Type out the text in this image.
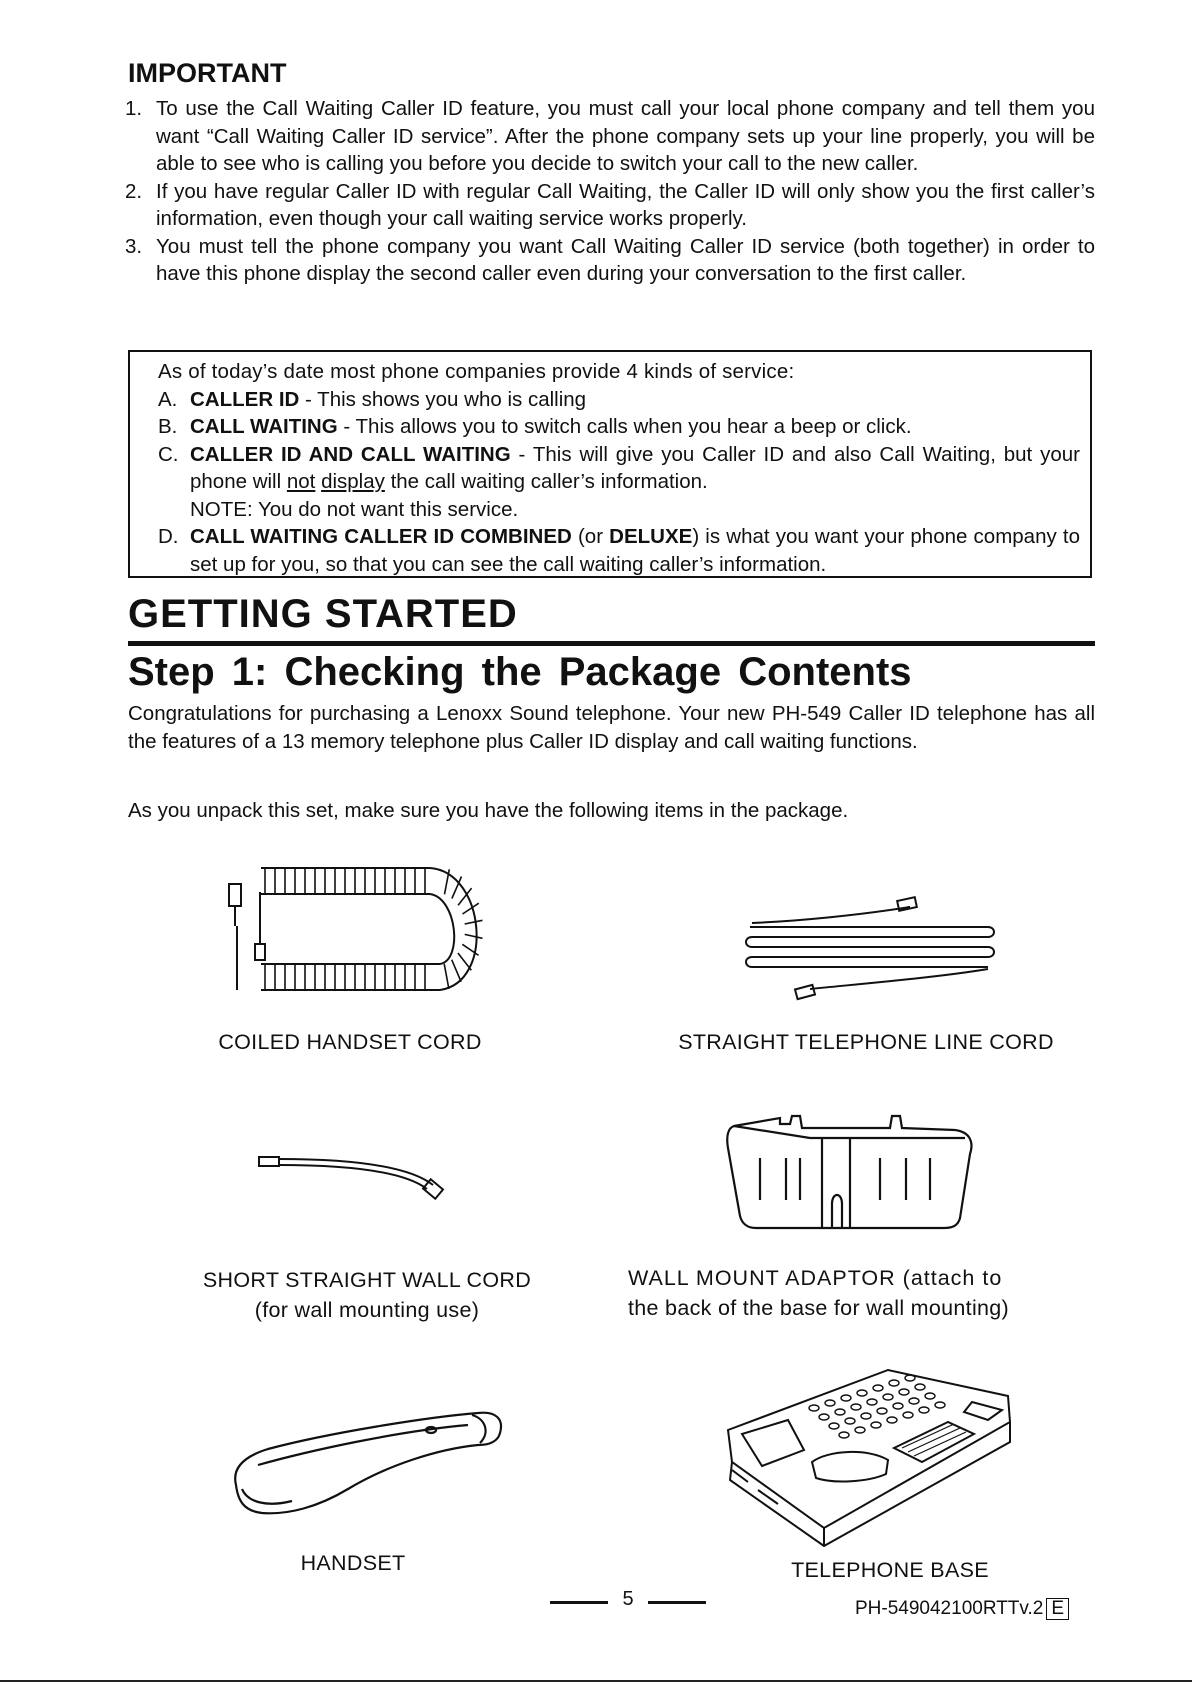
IMPORTANT
1. To use the Call Waiting Caller ID feature, you must call your local phone company and tell them you want “Call Waiting Caller ID service”. After the phone company sets up your line properly, you will be able to see who is calling you before you decide to switch your call to the new caller.
2. If you have regular Caller ID with regular Call Waiting, the Caller ID will only show you the first caller’s information, even though your call waiting service works properly.
3. You must tell the phone company you want Call Waiting Caller ID service (both together) in order to have this phone display the second caller even during your conversation to the first caller.
As of today’s date most phone companies provide 4 kinds of service:
A. CALLER ID - This shows you who is calling
B. CALL WAITING - This allows you to switch calls when you hear a beep or click.
C. CALLER ID AND CALL WAITING - This will give you Caller ID and also Call Waiting, but your phone will not display the call waiting caller’s information.
NOTE: You do not want this service.
D. CALL WAITING CALLER ID COMBINED (or DELUXE) is what you want your phone company to set up for you, so that you can see the call waiting caller’s information.
GETTING STARTED
Step 1: Checking the Package Contents
Congratulations for purchasing a Lenoxx Sound telephone. Your new PH-549 Caller ID telephone has all the features of a 13 memory telephone plus Caller ID display and call waiting functions.
As you unpack this set, make sure you have the following items in the package.
COILED HANDSET CORD	STRAIGHT TELEPHONE LINE CORD
SHORT STRAIGHT WALL CORD
(for wall mounting use)
WALL MOUNT ADAPTOR (attach to
the back of the base for wall mounting)
HANDSET	TELEPHONE BASE
5	PH-549042100RTTv.2 E
